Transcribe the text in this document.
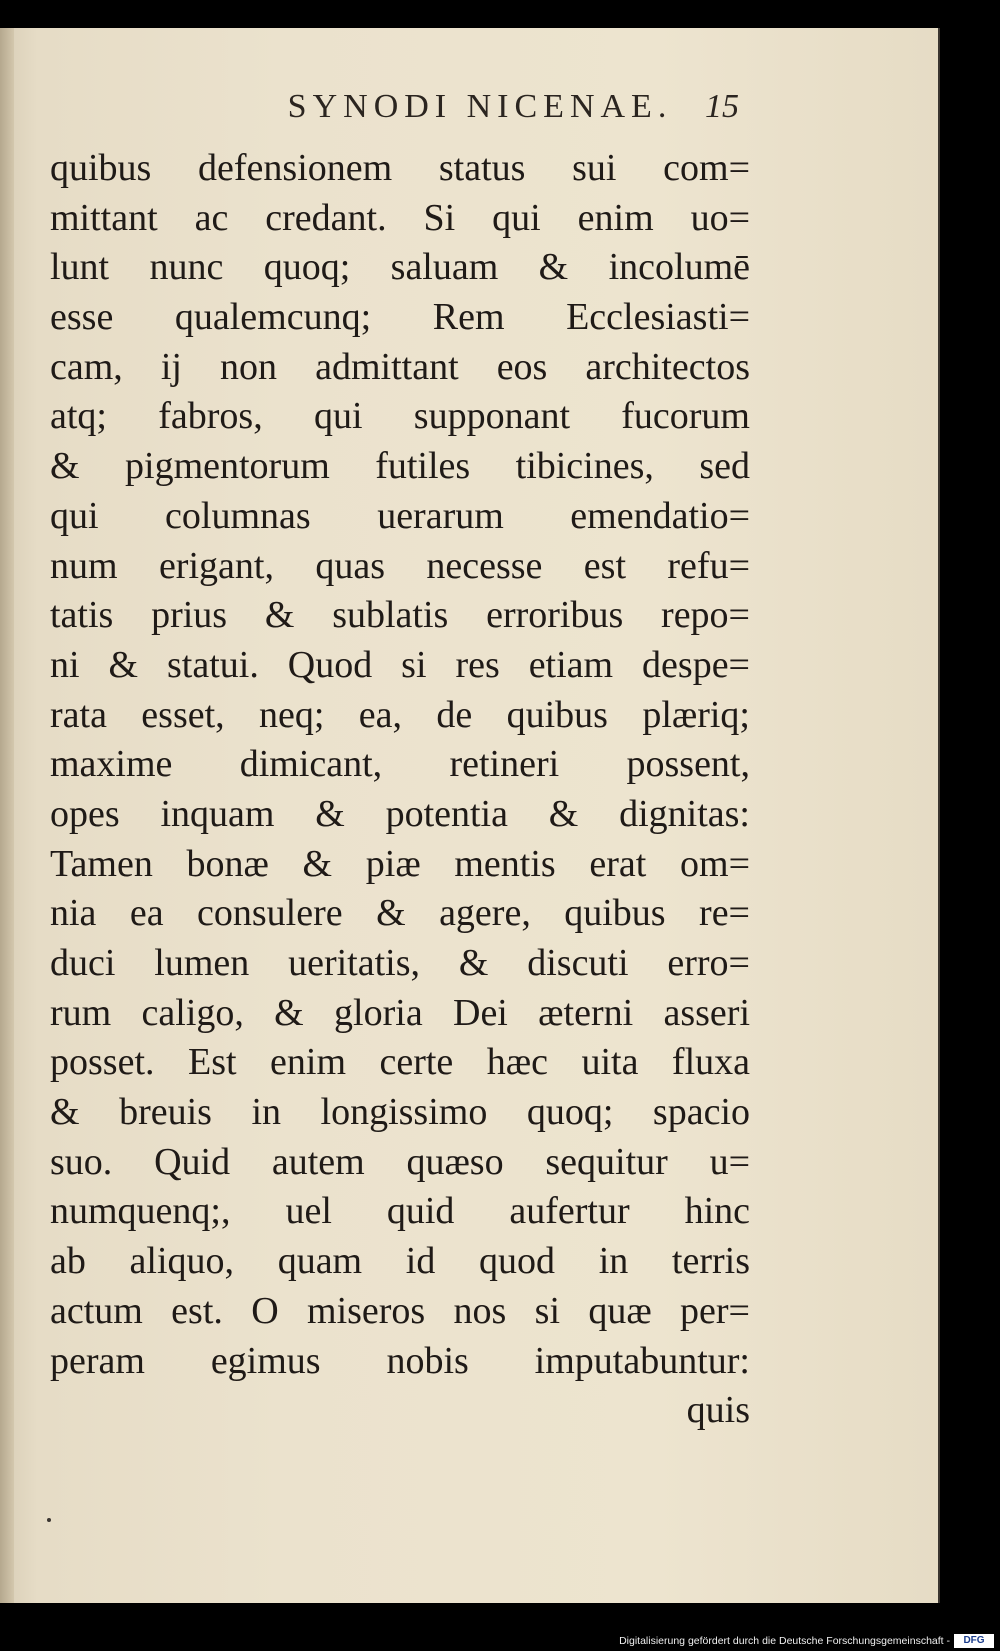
SYNODI NICENAE. 15
quibus defensionem status sui com=
mittant ac credant. Si qui enim uo=
lunt nunc quoq; saluam & incolumē
esse qualemcunq; Rem Ecclesiasti=
cam, ij non admittant eos architectos
atq; fabros, qui supponant fucorum
& pigmentorum futiles tibicines, sed
qui columnas uerarum emendatio=
num erigant, quas necesse est refu=
tatis prius & sublatis erroribus repo=
ni & statui. Quod si res etiam despe=
rata esset, neq; ea, de quibus plæriq;
maxime dimicant, retineri possent,
opes inquam & potentia & dignitas:
Tamen bonæ & piæ mentis erat om=
nia ea consulere & agere, quibus re=
duci lumen ueritatis, & discuti erro=
rum caligo, & gloria Dei æterni asseri
posset. Est enim certe hæc uita fluxa
& breuis in longissimo quoq; spacio
suo. Quid autem quæso sequitur u=
numquenq;, uel quid aufertur hinc
ab aliquo, quam id quod in terris
actum est. O miseros nos si quæ per=
peram egimus nobis imputabuntur:
quis
Digitalisierung gefördert durch die Deutsche Forschungsgemeinschaft -	DFG
